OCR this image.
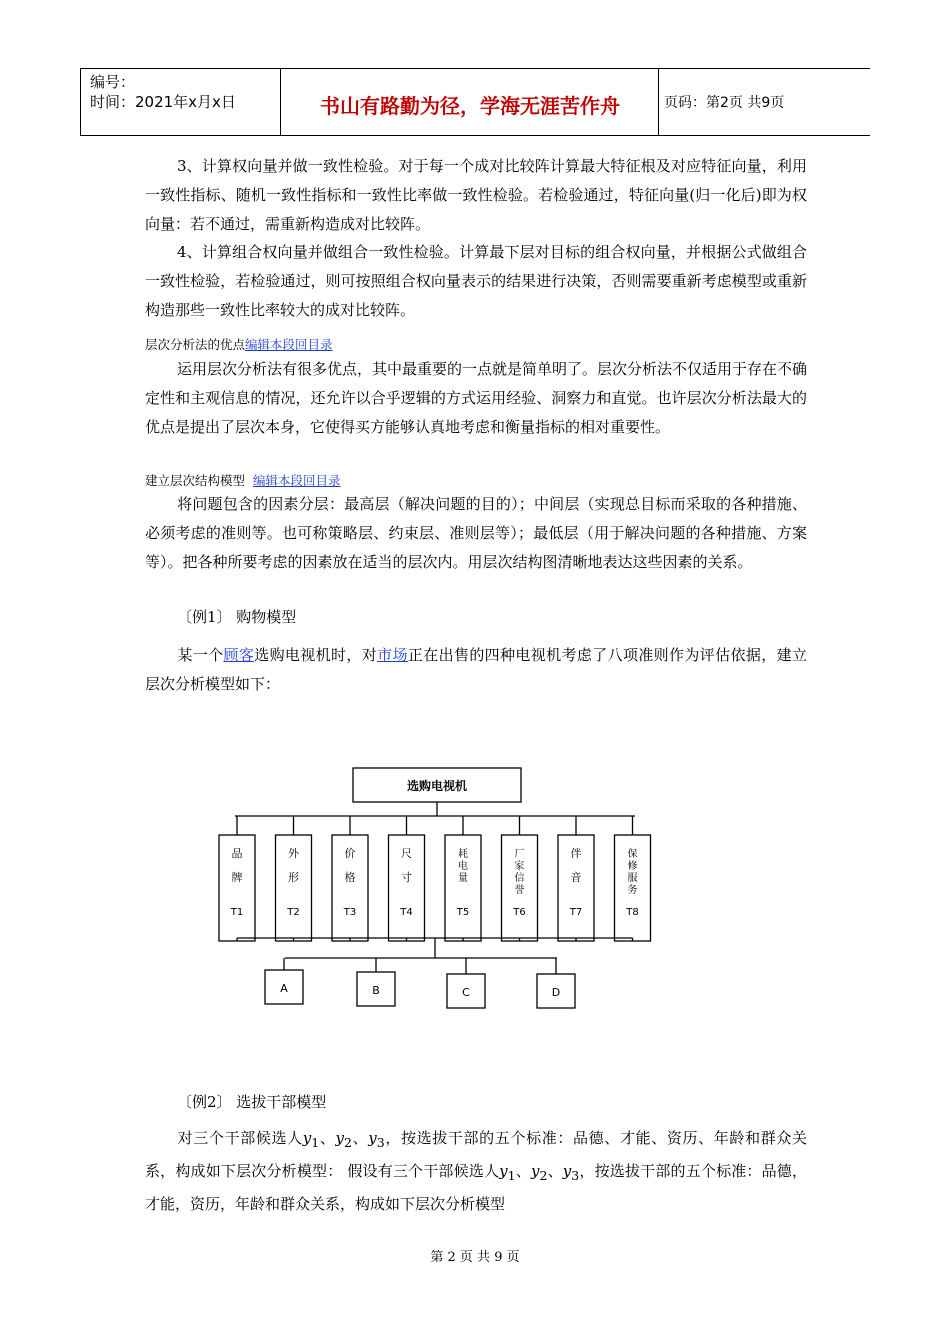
编号：
时间：2021年x月x日	书山有路勤为径，学海无涯苦作舟	页码：第2页 共9页
3、计算权向量并做一致性检验。对于每一个成对比较阵计算最大特征根及对应特征向量，利用一致性指标、随机一致性指标和一致性比率做一致性检验。若检验通过，特征向量(归一化后)即为权向量：若不通过，需重新构造成对比较阵。
4、计算组合权向量并做组合一致性检验。计算最下层对目标的组合权向量，并根据公式做组合一致性检验，若检验通过，则可按照组合权向量表示的结果进行决策，否则需要重新考虑模型或重新构造那些一致性比率较大的成对比较阵。
层次分析法的优点编辑本段回目录
运用层次分析法有很多优点，其中最重要的一点就是简单明了。层次分析法不仅适用于存在不确定性和主观信息的情况，还允许以合乎逻辑的方式运用经验、洞察力和直觉。也许层次分析法最大的优点是提出了层次本身，它使得买方能够认真地考虑和衡量指标的相对重要性。
建立层次结构模型 编辑本段回目录
将问题包含的因素分层：最高层（解决问题的目的）；中间层（实现总目标而采取的各种措施、必须考虑的准则等。也可称策略层、约束层、准则层等）；最低层（用于解决问题的各种措施、方案等）。把各种所要考虑的因素放在适当的层次内。用层次结构图清晰地表达这些因素的关系。
〔例1〕 购物模型
某一个顾客选购电视机时，对市场正在出售的四种电视机考虑了八项准则作为评估依据，建立层次分析模型如下：
选购电视机
品
牌
T1
外
形
T2
价
格
T3
尺
寸
T4
耗
电
量
T5
厂
家
信
誉
T6
伴
音
T7
保
修
服
务
T8
A	B	C	D
〔例2〕 选拔干部模型
对三个干部候选人$y_1$、$y_2$、$y_3$，按选拔干部的五个标准：品德、才能、资历、年龄和群众关系，构成如下层次分析模型： 假设有三个干部候选人$y_1$、$y_2$、$y_3$，按选拔干部的五个标准：品德，才能，资历，年龄和群众关系，构成如下层次分析模型
第 2 页 共 9 页
